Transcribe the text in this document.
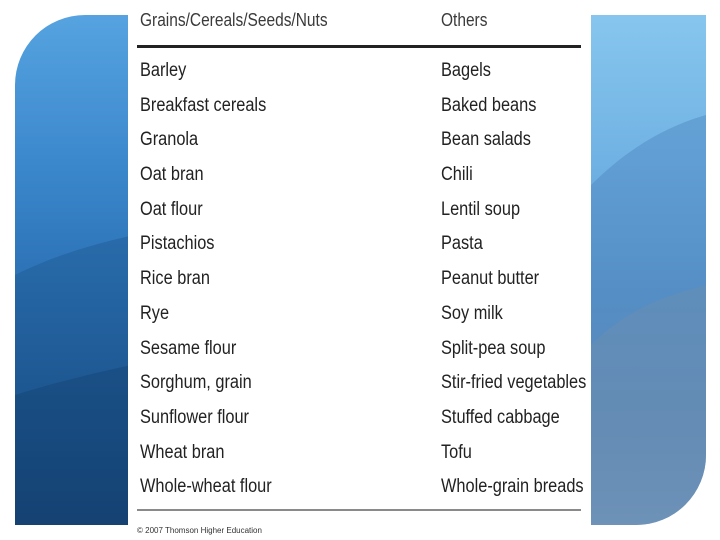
Grains/Cereals/Seeds/Nuts	Others
Barley
Breakfast cereals
Granola
Oat bran
Oat flour
Pistachios
Rice bran
Rye
Sesame flour
Sorghum, grain
Sunflower flour
Wheat bran
Whole-wheat flour
Bagels
Baked beans
Bean salads
Chili
Lentil soup
Pasta
Peanut butter
Soy milk
Split-pea soup
Stir-fried vegetables
Stuffed cabbage
Tofu
Whole-grain breads
© 2007 Thomson Higher Education
